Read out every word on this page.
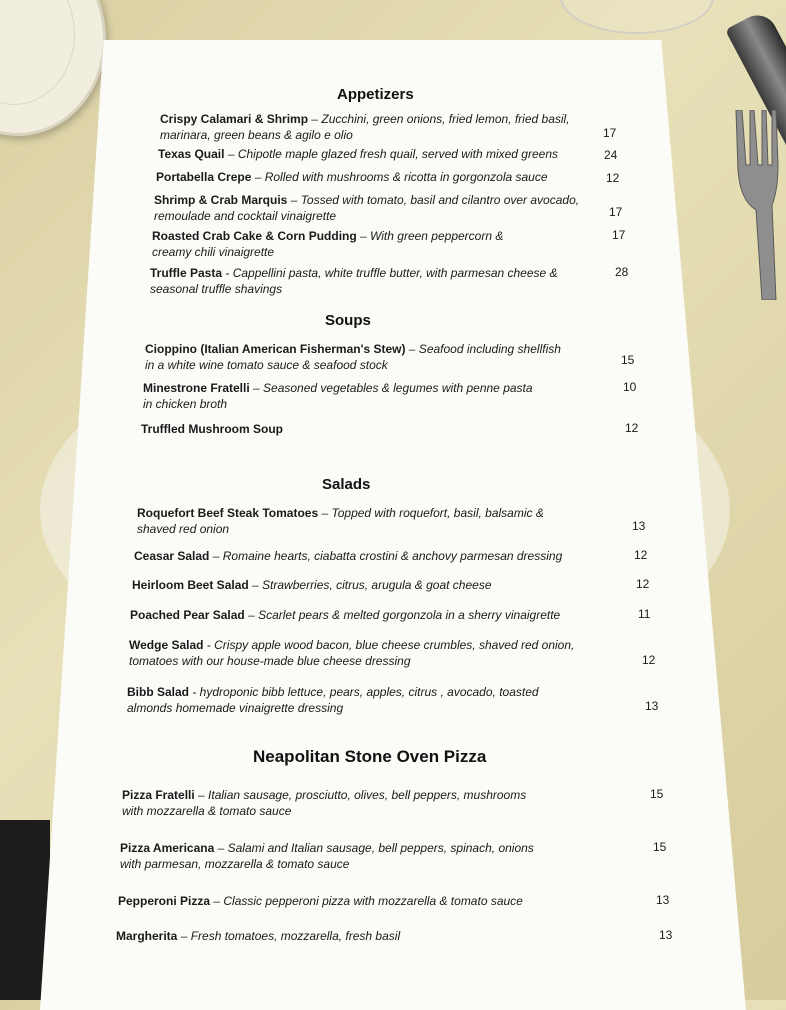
Appetizers
Crispy Calamari & Shrimp – Zucchini, green onions, fried lemon, fried basil,
marinara, green beans & agilo e olio	17
Texas Quail – Chipotle maple glazed fresh quail, served with mixed greens	24
Portabella Crepe – Rolled with mushrooms & ricotta in gorgonzola sauce	12
Shrimp & Crab Marquis – Tossed with tomato, basil and cilantro over avocado,
remoulade and cocktail vinaigrette	17
Roasted Crab Cake & Corn Pudding – With green peppercorn &
creamy chili vinaigrette
17
Truffle Pasta - Cappellini pasta, white truffle butter, with parmesan cheese &
seasonal truffle shavings
28
Soups
Cioppino (Italian American Fisherman's Stew) – Seafood including shellfish
in a white wine tomato sauce & seafood stock	15
Minestrone Fratelli – Seasoned vegetables & legumes with penne pasta
in chicken broth
10
Truffled Mushroom Soup	12
Salads
Roquefort Beef Steak Tomatoes – Topped with roquefort, basil, balsamic &
shaved red onion	13
Ceasar Salad – Romaine hearts, ciabatta crostini & anchovy parmesan dressing	12
Heirloom Beet Salad – Strawberries, citrus, arugula & goat cheese	12
Poached Pear Salad – Scarlet pears & melted gorgonzola in a sherry vinaigrette	11
Wedge Salad - Crispy apple wood bacon, blue cheese crumbles, shaved red onion,
tomatoes with our house-made blue cheese dressing	12
Bibb Salad - hydroponic bibb lettuce, pears, apples, citrus , avocado, toasted
almonds homemade vinaigrette dressing	13
Neapolitan Stone Oven Pizza
Pizza Fratelli – Italian sausage, prosciutto, olives, bell peppers, mushrooms
with mozzarella & tomato sauce
15
Pizza Americana – Salami and Italian sausage, bell peppers, spinach, onions
with parmesan, mozzarella & tomato sauce
15
Pepperoni Pizza – Classic pepperoni pizza with mozzarella & tomato sauce	13
Margherita – Fresh tomatoes, mozzarella, fresh basil	13
